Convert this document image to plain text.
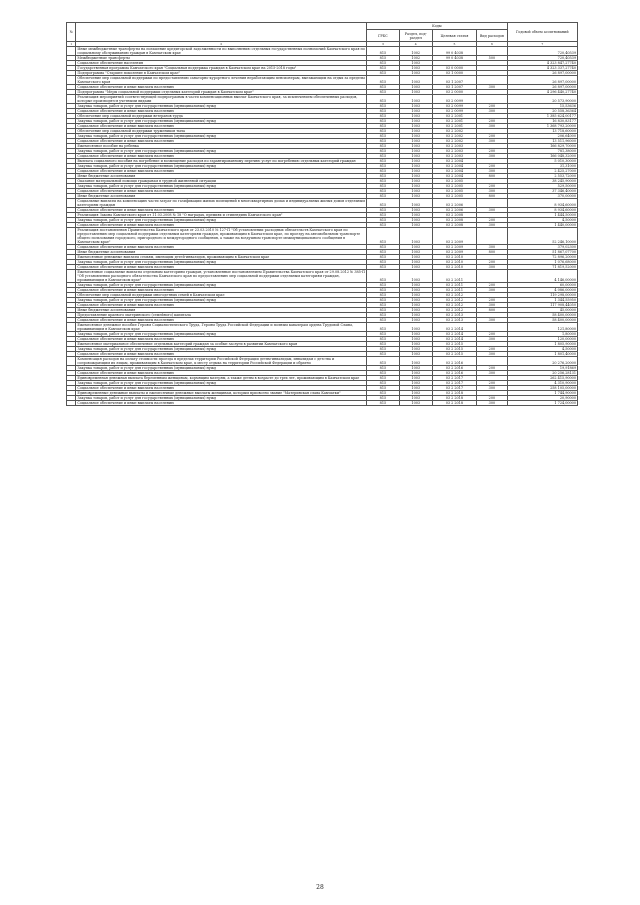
№		Коды				Годовой объем ассигнований
		ГРБС	Раздел, под-раздел	Целевая статья	Вид расходов	
1	2	3	4	5	6	7
	Иные межбюджетные трансферты на погашение кредиторской задолженности по выполнению отдельных государственных полномочий Камчатского края по социальному обслуживанию граждан в Камчатском крае	815	1002	99 0 4038		720,40539
	Межбюджетные трансферты	815	1002	99 0 4038	500	720,40539
	Социальное обеспечение населения	815	1003			4 323 847,27740
	Государственная программа Камчатского края "Социальная поддержка граждан в Камчатском крае на 2015-2018 годы"	815	1003	03 0 0000		4 323 337,27740
	Подпрограмма "Старшее поколение в Камчатском крае"	815	1003	03 1 0000		26 897,00000
	Обеспечение мер социальной поддержки по предоставлению санаторно-курортного лечения неработающим пенсионерам, выезжающим на отдых за пределы Камчатского края	815	1003	03 1 2007		26 897,00000
	Социальное обеспечение и иные выплаты населению	815	1003	03 1 2007	300	26 897,00000
	Подпрограмма "Меры социальной поддержки отдельных категорий граждан в Камчатском крае"	815	1003	03 2 0000		4 296 440,27740
	Реализация мероприятий соответствующей подпрограммы в части компенсационных выплат Камчатского края, за исключением обеспеченных расходов, которые производятся учетными видами	815	1003	03 2 0099		20 573,90000
	Закупка товаров, работ и услуг для государственных (муниципальных) нужд	815	1003	03 2 0099	200	15,53636
	Социальное обеспечение и иные выплаты населению	815	1003	03 2 0099	300	20 558,36364
	Обеспечение мер социальной поддержки ветеранов труда	815	1003	03 2 2001		1 385 624,00177
	Закупка товаров, работ и услуг для государственных (муниципальных) нужд	815	1003	03 2 2001	200	16 830,83177
	Социальное обеспечение и иные выплаты населению	815	1003	03 2 2001	300	1 368 793,20000
	Обеспечение мер социальной поддержки тружеников тыла	815	1003	03 2 2002		13 718,60000
	Закупка товаров, работ и услуг для государственных (муниципальных) нужд	815	1003	03 2 2002	200	206,64000
	Социальное обеспечение и иные выплаты населению	815	1003	03 2 2002	300	13 511,96000
	Ежемесячное пособие на ребенка	815	1003	03 2 2003		166 829,70000
	Закупка товаров, работ и услуг для государственных (муниципальных) нужд	815	1003	03 2 2003	200	781,38000
	Социальное обеспечение и иные выплаты населению	815	1003	03 2 2003	300	166 048,32000
	Выплата социального пособия на погребение и возмещение расходов по гарантированному перечню услуг по погребению отдельных категорий граждан	815	1003	03 2 2004		5 010,30000
	Закупка товаров, работ и услуг для государственных (муниципальных) нужд	815	1003	03 2 2004	200	31,31000
	Социальное обеспечение и иные выплаты населению	815	1003	03 2 2004	300	2 425,27000
	Иные бюджетные ассигнования	815	1003	03 2 2004	800	2 553,72000
	Оказание материальной помощи гражданам в трудной жизненной ситуации	815	1003	03 2 2005		38 245,90000
	Закупка товаров, работ и услуг для государственных (муниципальных) нужд	815	1003	03 2 2005	200	529,50000
	Социальное обеспечение и иные выплаты населению	815	1003	03 2 2005	300	37 346,40000
	Иные бюджетные ассигнования	815	1003	03 2 2005	800	370,00000
	Социальные выплаты на компенсацию части затрат по газификации жилых помещений в многоквартирных домах и индивидуальных жилых домов отдельным категориям граждан	815	1003	03 2 2006		8 934,60000
	Социальное обеспечение и иные выплаты населению	815	1003	03 2 2006	300	8 934,60000
	Реализация Закона Камчатского края от 11.03.2008 № 18 "О наградах, премиях и стипендиях Камчатского края"	815	1003	03 2 2008		1 444,50000
	Закупка товаров, работ и услуг для государственных (муниципальных) нужд	815	1003	03 2 2008	200	4,50000
	Социальное обеспечение и иные выплаты населению	815	1003	03 2 2008	300	1 440,00000
	Реализация постановления Правительства Камчатского края от 23.03.2010 № 127-П "Об установлении расходных обязательств Камчатского края по предоставлению мер социальной поддержки отдельным категориям граждан, проживающим в Камчатском крае, по проезду на автомобильном транспорте общего пользования городского, пригородного и междугородного сообщения, а также на воздушном транспорте межмуниципального сообщения в Камчатском крае"	815	1003	03 2 2009		52 246,10000
	Социальное обеспечение и иные выплаты населению	815	1003	03 2 2009	300	379,02300
	Иные бюджетные ассигнования	815	1003	03 2 2009	800	51 867,07700
	Ежемесячные денежные выплаты семьям, имеющим детей-инвалидов, проживающим в Камчатском крае	815	1003	03 2 2010		72 896,20000
	Закупка товаров, работ и услуг для государственных (муниципальных) нужд	815	1003	03 2 2010	200	1 076,68000
	Социальное обеспечение и иные выплаты населению	815	1003	03 2 2010	300	71 819,52000
	Ежемесячные социальные выплаты отдельным категориям граждан, установленные постановлением Правительства Камчатского края от 29.08.2012 № 385-П "Об установлении расходного обязательства Камчатского края по предоставлению мер социальной поддержки отдельным категориям граждан, проживающим в Камчатском крае"	815	1003	03 2 2011		4 146,00000
	Закупка товаров, работ и услуг для государственных (муниципальных) нужд	815	1003	03 2 2011	200	60,00000
	Социальное обеспечение и иные выплаты населению	815	1003	03 2 2011	300	4 086,00000
	Обеспечение мер социальной поддержки многодетных семей в Камчатском крае	815	1003	03 2 2012		119 298,00000
	Закупка товаров, работ и услуг для государственных (муниципальных) нужд	815	1003	03 2 2012	200	1 344,55950
	Социальное обеспечение и иные выплаты населению	815	1003	03 2 2012	300	117 908,44050
	Иные бюджетные ассигнования	815	1003	03 2 2012	800	45,00000
	Предоставление краевого материнского (семейного) капитала	815	1003	03 2 2013		58 400,00000
	Социальное обеспечение и иные выплаты населению	815	1003	03 2 2013	300	58 400,00000
	Ежемесячное денежное пособие Героям Социалистического Труда, Героям Труда Российской Федерации и полным кавалерам ордена Трудовой Славы, проживающим в Камчатском крае	815	1003	03 2 2014		121,80000
	Закупка товаров, работ и услуг для государственных (муниципальных) нужд	815	1003	03 2 2014	200	1,80000
	Социальное обеспечение и иные выплаты населению	815	1003	03 2 2014	300	120,00000
	Ежемесячное материальное обеспечение отдельных категорий граждан за особые заслуги в развитии Камчатского края	815	1003	03 2 2015		1 805,90000
	Закупка товаров, работ и услуг для государственных (муниципальных) нужд	815	1003	03 2 2015	200	4,50000
	Социальное обеспечение и иные выплаты населению	815	1003	03 2 2015	300	1 801,40000
	Компенсация расходов на оплату стоимости проезда в пределах территории Российской Федерации детям-инвалидам, инвалидам с детства и сопровождающим их лицам, проживающим в Камчатском крае, к месту отдыха на территории Российской Федерации и обратно	815	1003	03 2 2016		20 276,20000
	Закупка товаров, работ и услуг для государственных (муниципальных) нужд	815	1003	03 2 2016	200	19,91869
	Социальное обеспечение и иные выплаты населению	815	1003	03 2 2016	300	20 256,28131
	Единовременная денежная выплата беременным женщинам, кормящим матерям, а также детям в возрасте до трех лет, проживающим в Камчатском крае	815	1003	03 2 2017		262 415,90000
	Закупка товаров, работ и услуг для государственных (муниципальных) нужд	815	1003	03 2 2017	200	4 310,90000
	Социальное обеспечение и иные выплаты населению	815	1003	03 2 2017	300	258 105,00000
	Единовременные денежные выплаты и ежемесячные денежные выплаты женщинам, которым присвоено звание "Материнская слава Камчатки"	815	1003	03 2 2018		1 744,90000
	Закупка товаров, работ и услуг для государственных (муниципальных) нужд	815	1003	03 2 2018	200	20,90000
	Социальное обеспечение и иные выплаты населению	815	1003	03 2 2018	300	1 724,00000
28
